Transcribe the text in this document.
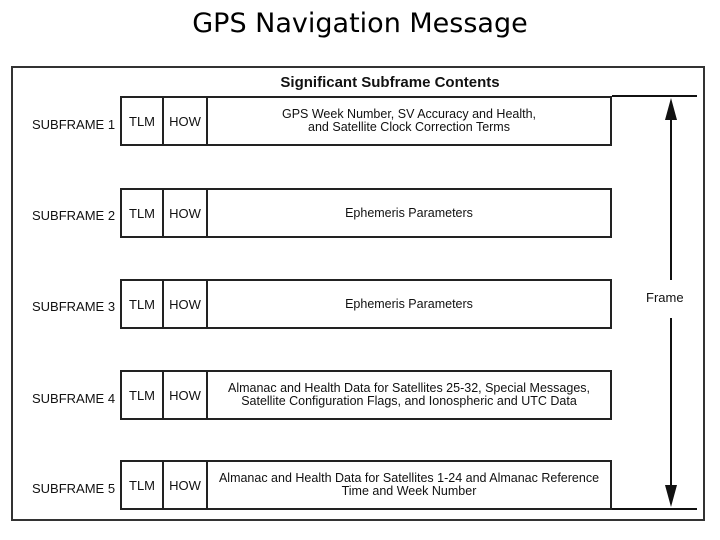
GPS Navigation Message
Significant Subframe Contents
SUBFRAME 1	TLM	HOW	GPS Week Number, SV Accuracy and Health,
and Satellite Clock Correction Terms
SUBFRAME 2	TLM	HOW	Ephemeris Parameters
SUBFRAME 3	TLM	HOW	Ephemeris Parameters
SUBFRAME 4	TLM	HOW	Almanac and Health Data for Satellites 25-32, Special Messages,
Satellite Configuration Flags, and Ionospheric and UTC Data
SUBFRAME 5	TLM	HOW	Almanac and Health Data for Satellites 1-24 and Almanac Reference
Time and Week Number
Frame
